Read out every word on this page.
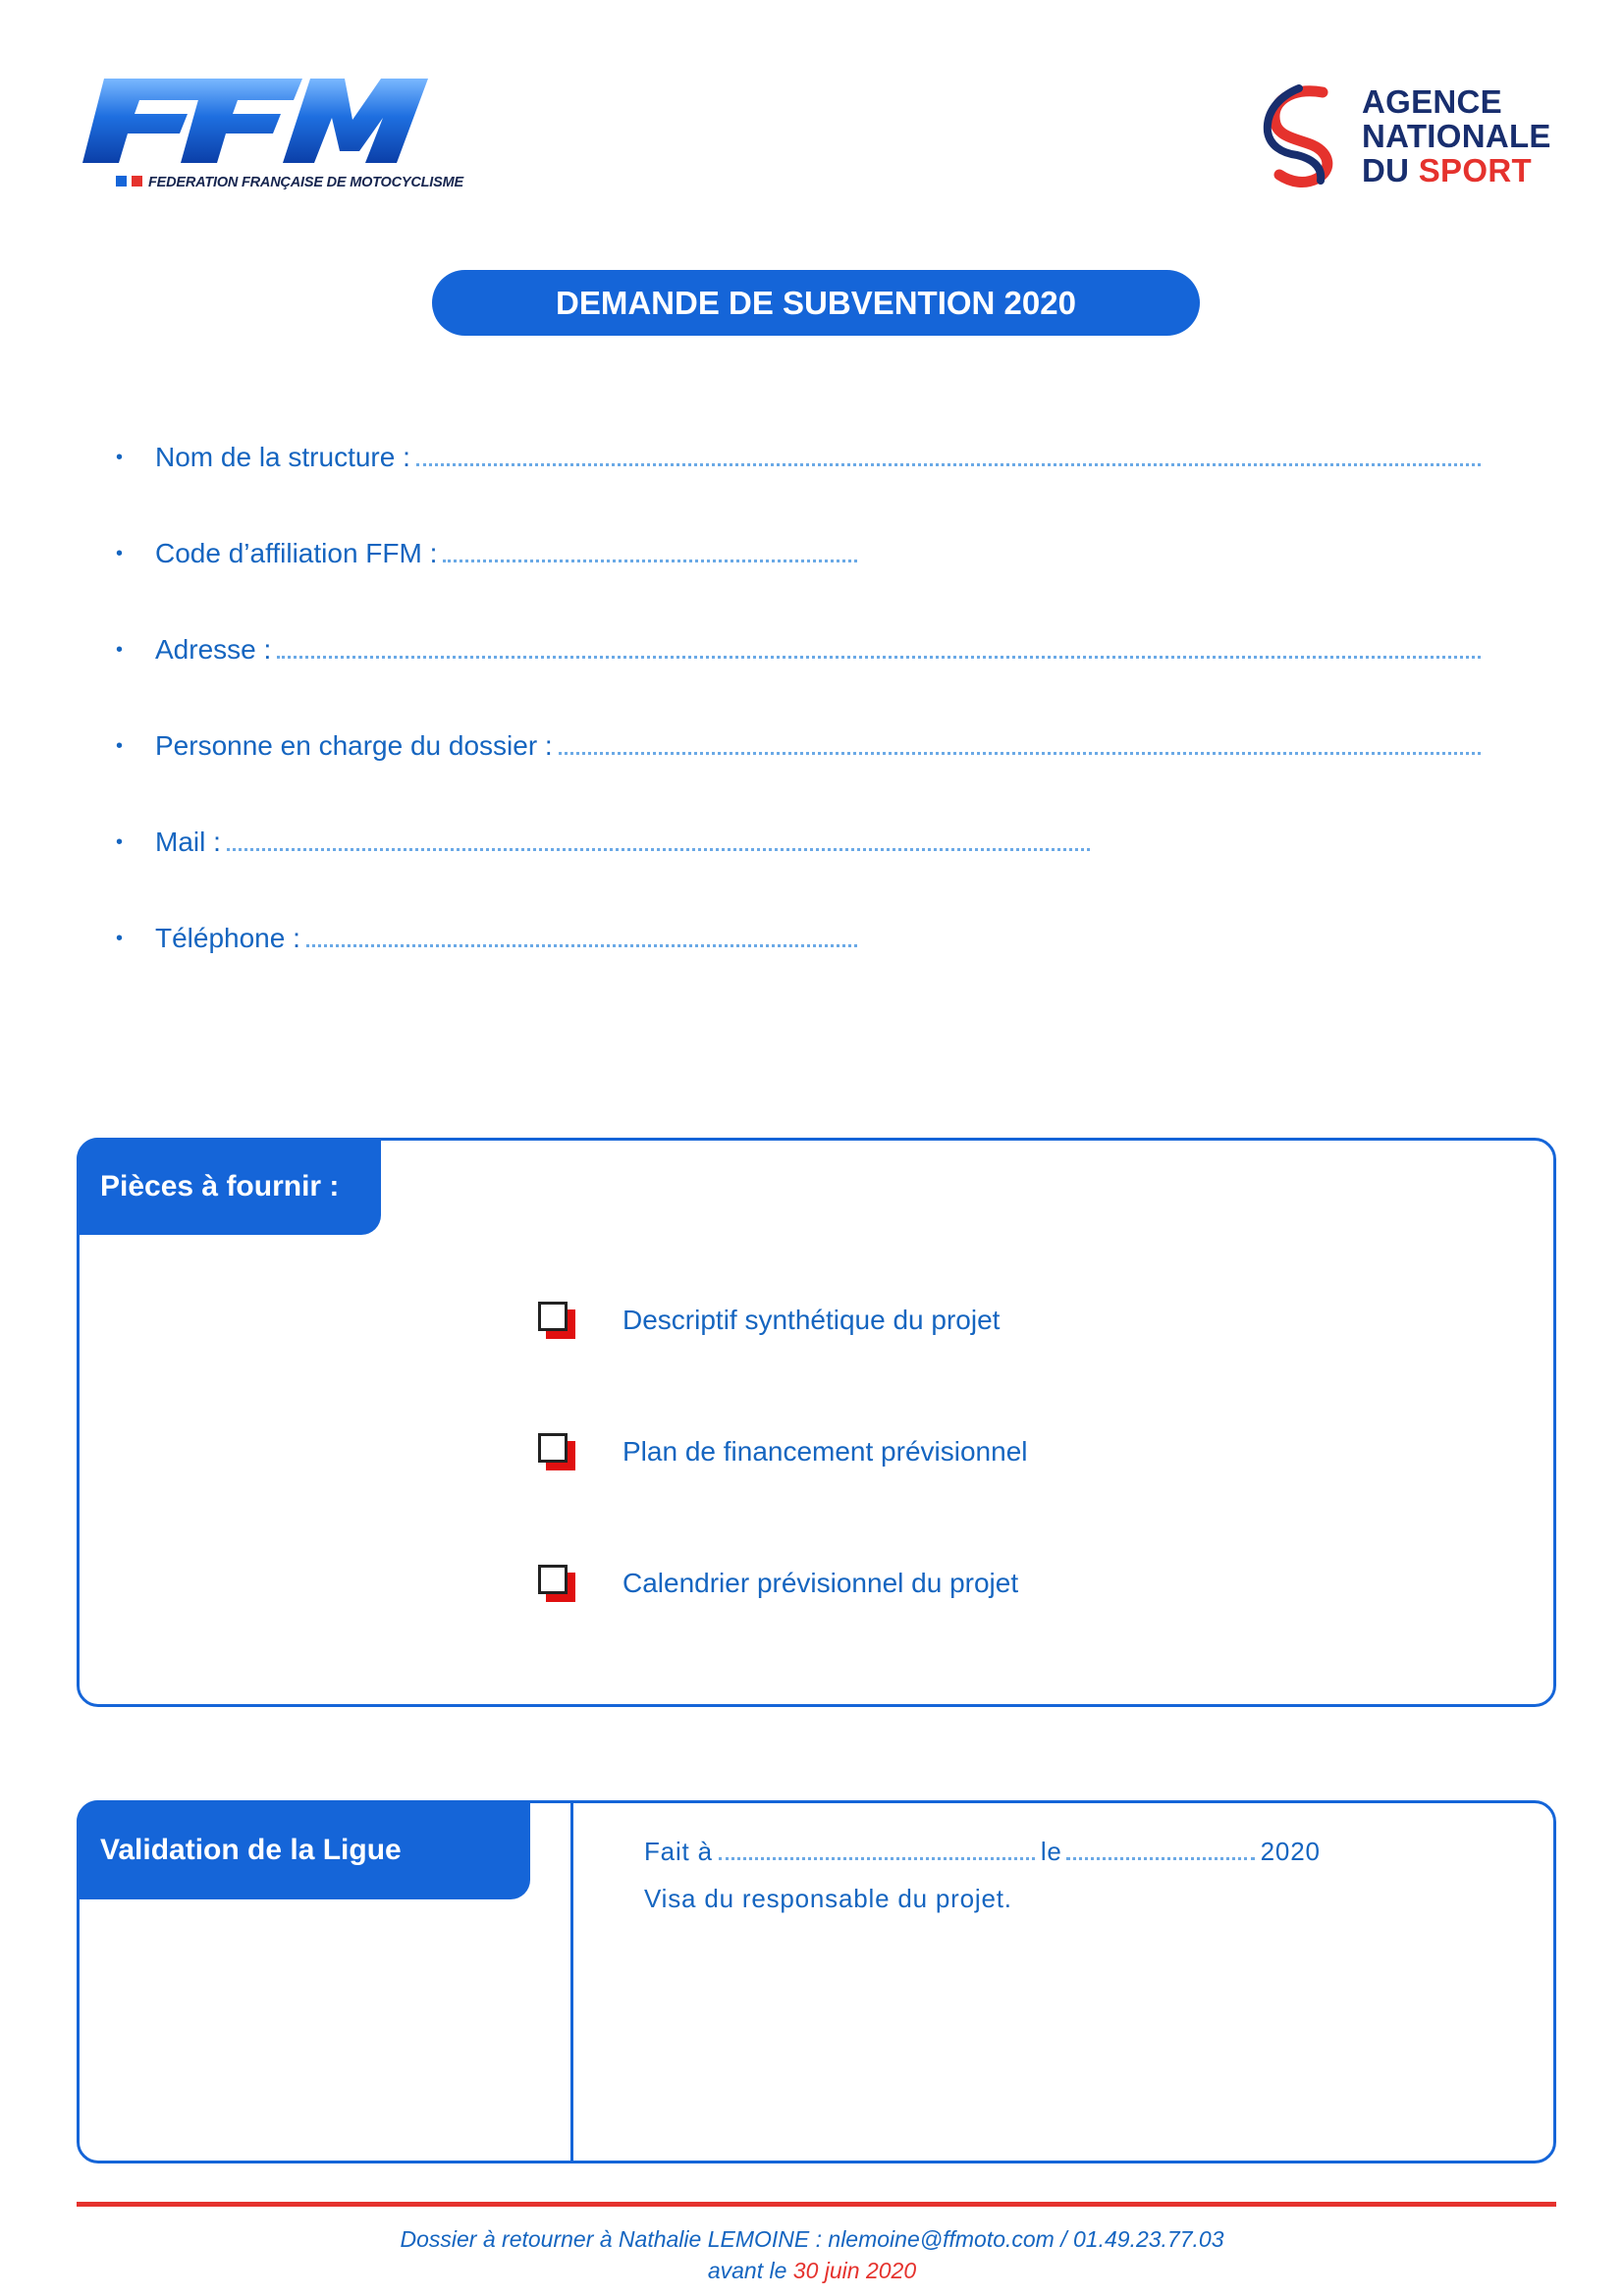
FEDERATION FRANÇAISE DE MOTOCYCLISME
AGENCE
NATIONALE
DU SPORT
DEMANDE DE SUBVENTION 2020
•	Nom de la structure :
•	Code d’affiliation FFM :
•	Adresse :
•	Personne en charge du dossier :
•	Mail :
•	Téléphone :
Pièces à fournir :
Descriptif synthétique du projet
Plan de financement prévisionnel
Calendrier prévisionnel du projet
Validation de la Ligue	Fait à	le	2020
Visa du responsable du projet.
Dossier à retourner à Nathalie LEMOINE : nlemoine@ffmoto.com / 01.49.23.77.03
avant le 30 juin 2020
